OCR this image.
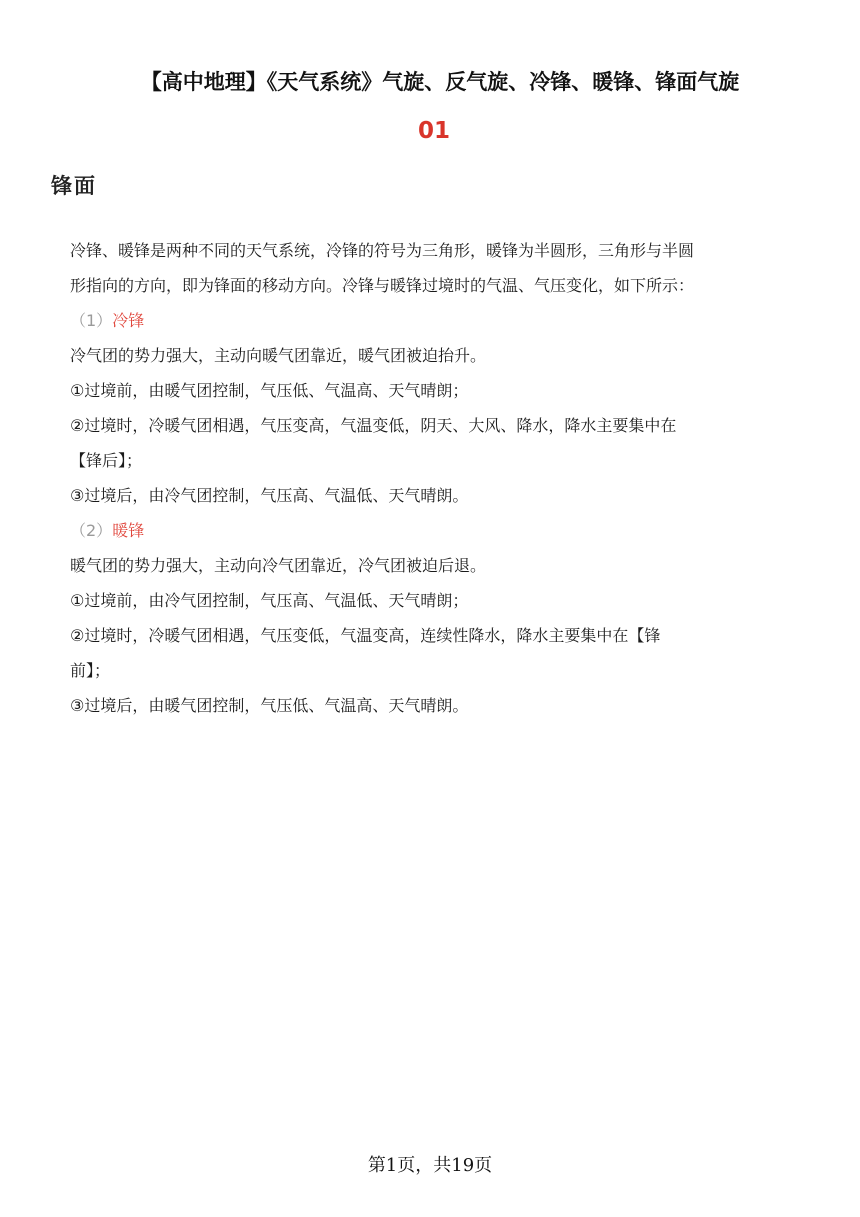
【高中地理】《天气系统》气旋、反气旋、冷锋、暖锋、锋面气旋
01
锋面

冷锋、暖锋是两种不同的天气系统，冷锋的符号为三角形，暖锋为半圆形，三角形与半圆

形指向的方向，即为锋面的移动方向。冷锋与暖锋过境时的气温、气压变化，如下所示：

（1）冷锋

冷气团的势力强大，主动向暖气团靠近，暖气团被迫抬升。

①过境前，由暖气团控制，气压低、气温高、天气晴朗；

②过境时，冷暖气团相遇，气压变高，气温变低，阴天、大风、降水，降水主要集中在

【锋后】；

③过境后，由冷气团控制，气压高、气温低、天气晴朗。

（2）暖锋

暖气团的势力强大，主动向冷气团靠近，冷气团被迫后退。

①过境前，由冷气团控制，气压高、气温低、天气晴朗；

②过境时，冷暖气团相遇，气压变低，气温变高，连续性降水，降水主要集中在【锋

前】；

③过境后，由暖气团控制，气压低、气温高、天气晴朗。

第1页，共19页
